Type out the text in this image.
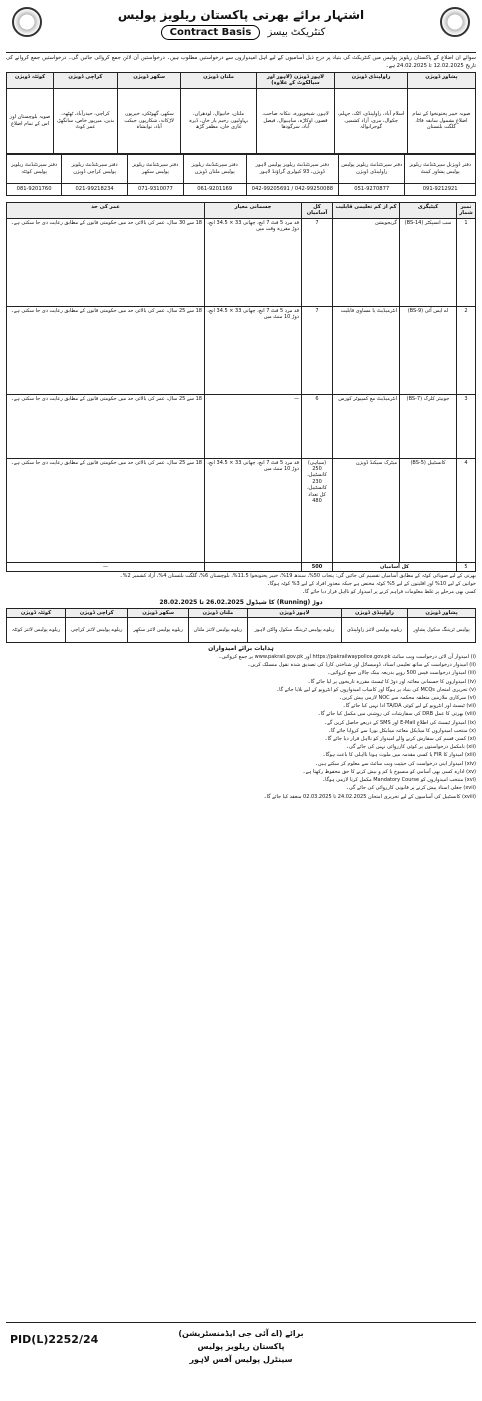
اشتہار برائے بھرتی پاکستان ریلویز پولیس
کنٹریکٹ بیسز Contract Basis

سوائے ان اضلاع کے پاکستان ریلویز پولیس میں کنٹریکٹ کی بنیاد پر درج ذیل آسامیوں کے لیے اہل امیدواروں سے درخواستیں مطلوب ہیں۔ درخواستیں آن لائن جمع کروائی جائیں گی۔ درخواستیں جمع کروانے کی تاریخ 12.02.2025 تا 24.02.2025 ہے۔

پشاور ڈویژن	راولپنڈی ڈویژن	لاہور ڈویژن (لاہور اور سیالکوٹ کے علاوہ)	ملتان ڈویژن	سکھر ڈویژن	کراچی ڈویژن	کوئٹہ ڈویژن
صوبہ خیبر پختونخوا کے تمام اضلاع بشمول سابقہ فاٹا، گلگت بلتستان	اسلام آباد، راولپنڈی، اٹک، جہلم، چکوال، مری، آزاد کشمیر، گوجرانوالہ	لاہور، شیخوپورہ، ننکانہ صاحب، قصور، اوکاڑہ، ساہیوال، فیصل آباد، سرگودھا	ملتان، خانیوال، لودھراں، بہاولپور، رحیم یار خان، ڈیرہ غازی خان، مظفر گڑھ	سکھر، گھوٹکی، خیرپور، لاڑکانہ، شکارپور، جیکب آباد، نوابشاہ	کراچی، حیدرآباد، ٹھٹھہ، بدین، میرپور خاص، سانگھڑ، عمر کوٹ	صوبہ بلوچستان اور اس کے تمام اضلاع
دفتر ڈویژنل سپرنٹنڈنٹ ریلویز پولیس پشاور کینٹ	دفتر سپرنٹنڈنٹ ریلویز پولیس راولپنڈی ڈویژن	دفتر سپرنٹنڈنٹ ریلویز پولیس لاہور ڈویژن، 93 کیولری گراؤنڈ لاہور	دفتر سپرنٹنڈنٹ ریلویز پولیس ملتان ڈویژن	دفتر سپرنٹنڈنٹ ریلویز پولیس سکھر	دفتر سپرنٹنڈنٹ ریلویز پولیس کراچی ڈویژن	دفتر سپرنٹنڈنٹ ریلویز پولیس کوئٹہ
091-9212921	051-9270877	042-99205691 / 042-99250088	061-9201169	071-9310077	021-99218234	081-9201760
نمبر شمار	کیٹیگری	کم از کم تعلیمی قابلیت	کل آسامیاں	جسمانی معیار	عمر کی حد
1	سب انسپکٹر (BS-14)	گریجویشن	7	قد مرد 5 فٹ 7 انچ، چھاتی 33 × 34.5 انچ، دوڑ مقررہ وقت میں	18 سے 30 سال، عمر کی بالائی حد میں حکومتی قانون کے مطابق رعایت دی جا سکتی ہے۔
2	اے ایس آئی (BS-9)	انٹرمیڈیٹ یا مساوی قابلیت	7	قد مرد 5 فٹ 7 انچ، چھاتی 33 × 34.5 انچ، دوڑ 10 منٹ میں	18 سے 25 سال، عمر کی بالائی حد میں حکومتی قانون کے مطابق رعایت دی جا سکتی ہے۔
3	جونیئر کلرک (BS-7)	انٹرمیڈیٹ مع کمپیوٹر کورس	6	—	18 سے 25 سال، عمر کی بالائی حد میں حکومتی قانون کے مطابق رعایت دی جا سکتی ہے۔
4	کانسٹیبل (BS-5)	میٹرک سیکنڈ ڈویژن	(سپاہی) 250 کانسٹیبل، 230 کانسٹیبل، کل تعداد 480	قد مرد 5 فٹ 7 انچ، چھاتی 33 × 34.5 انچ، دوڑ 10 منٹ میں	18 سے 25 سال، عمر کی بالائی حد میں حکومتی قانون کے مطابق رعایت دی جا سکتی ہے۔
5	کل آسامیاں		500		—

بھرتی کے لیے صوبائی کوٹہ کے مطابق آسامیاں تقسیم کی جائیں گی: پنجاب 50%، سندھ 19%، خیبر پختونخوا 11.5%، بلوچستان 6%، گلگت بلتستان 4%، آزاد کشمیر 2%۔

خواتین کے لیے 10% اور اقلیتوں کے لیے 5% کوٹہ مختص ہے جبکہ معذور افراد کے لیے 3% کوٹہ ہوگا۔

کسی بھی مرحلے پر غلط معلومات فراہم کرنے پر امیدوار کو نااہل قرار دیا جائے گا۔

دوڑ (Running) کا شیڈول 26.02.2025 تا 28.02.2025
پشاور ڈویژن	راولپنڈی ڈویژن	لاہور ڈویژن	ملتان ڈویژن	سکھر ڈویژن	کراچی ڈویژن	کوئٹہ ڈویژن
پولیس ٹریننگ سکول پشاور	ریلوے پولیس لائنز راولپنڈی	ریلوے پولیس ٹریننگ سکول والٹن لاہور	ریلوے پولیس لائنز ملتان	ریلوے پولیس لائنز سکھر	ریلوے پولیس لائنز کراچی	ریلوے پولیس لائنز کوئٹہ
ہدایات برائے امیدواران

(i) امیدوار آن لائن درخواست ویب سائٹ https://pakrailwaypolice.gov.pk اور www.pakrail.gov.pk پر جمع کروائیں۔

(ii) امیدوار درخواست کے ساتھ تعلیمی اسناد، ڈومیسائل اور شناختی کارڈ کی تصدیق شدہ نقول منسلک کریں۔

(iii) امیدوار درخواست فیس 500 روپے بذریعہ بینک چالان جمع کروائیں۔

(iv) امیدواروں کا جسمانی معائنہ اور دوڑ کا ٹیسٹ مقررہ تاریخوں پر لیا جائے گا۔

(v) تحریری امتحان MCQs کی بنیاد پر ہوگا اور کامیاب امیدواروں کو انٹرویو کے لیے بلایا جائے گا۔

(vi) سرکاری ملازمین متعلقہ محکمہ سے NOC لازمی پیش کریں۔

(vii) ٹیسٹ اور انٹرویو کے لیے کوئی TA/DA ادا نہیں کیا جائے گا۔

(viii) بھرتی کا عمل DRB کی سفارشات کی روشنی میں مکمل کیا جائے گا۔

(ix) امیدوار ٹیسٹ کی اطلاع E-Mail اور SMS کے ذریعے حاصل کریں گے۔

(x) منتخب امیدواروں کا میڈیکل معائنہ میڈیکل بورڈ سے کروایا جائے گا۔

(xi) کسی قسم کی سفارش کرنے والے امیدوار کو نااہل قرار دیا جائے گا۔

(xii) نامکمل درخواستوں پر کوئی کارروائی نہیں کی جائے گی۔

(xiii) امیدوار کا FIR یا کسی مقدمہ میں ملوث ہونا نااہلی کا باعث ہوگا۔

(xiv) امیدوار اپنی درخواست کی حیثیت ویب سائٹ سے معلوم کر سکتے ہیں۔

(xv) ادارہ کسی بھی آسامی کو منسوخ یا کم و بیش کرنے کا حق محفوظ رکھتا ہے۔

(xvi) منتخب امیدواروں کو Mandatory Course مکمل کرنا لازمی ہوگا۔

(xvii) جعلی اسناد پیش کرنے پر قانونی کارروائی کی جائے گی۔

(xviii) کانسٹیبل کی آسامیوں کے لیے تحریری امتحان 24.02.2025 تا 02.03.2025 منعقد کیا جائے گا۔

PID(L)2252/24	برائے (اے آئی جی ایڈمنسٹریشن)
پاکستان ریلویز پولیس
سینٹرل پولیس آفس لاہور
